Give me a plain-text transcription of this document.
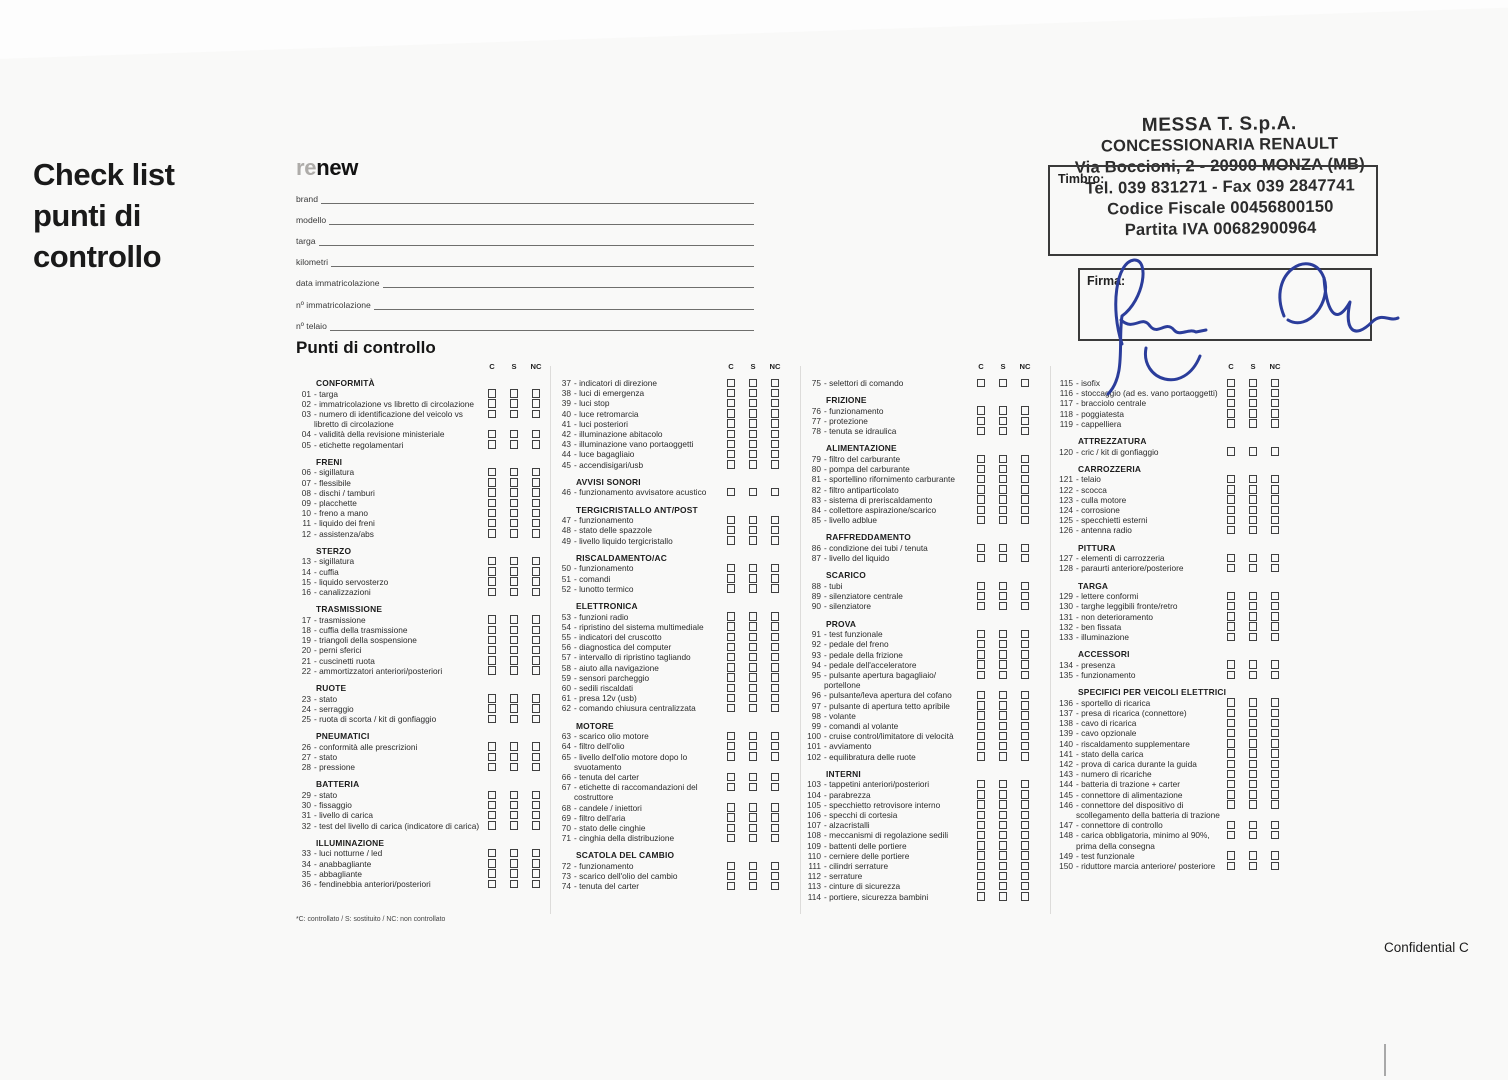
Check list
punti di
controllo
renew
brand
modello
targa
kilometri
data immatricolazione
nº immatricolazione
nº telaio
MESSA T. S.p.A.
CONCESSIONARIA RENAULT
Via Boccioni, 2 - 20900 MONZA (MB)
Tel. 039 831271 - Fax 039 2847741
Codice Fiscale 00456800150
Partita IVA 00682900964
Timbro:
Firma:
Punti di controllo
C	S	NC
CONFORMITÀ
01 - targa
02 - immatricolazione vs libretto di circolazione
03 - numero di identificazione del veicolo vs libretto di circolazione
04 - validità della revisione ministeriale
05 - etichette regolamentari
FRENI
06 - sigillatura
07 - flessibile
08 - dischi / tamburi
09 - placchette
10 - freno a mano
11 - liquido dei freni
12 - assistenza/abs
STERZO
13 - sigillatura
14 - cuffia
15 - liquido servosterzo
16 - canalizzazioni
TRASMISSIONE
17 - trasmissione
18 - cuffia della trasmissione
19 - triangoli della sospensione
20 - perni sferici
21 - cuscinetti ruota
22 - ammortizzatori anteriori/posteriori
RUOTE
23 - stato
24 - serraggio
25 - ruota di scorta / kit di gonfiaggio
PNEUMATICI
26 - conformità alle prescrizioni
27 - stato
28 - pressione
BATTERIA
29 - stato
30 - fissaggio
31 - livello di carica
32 - test del livello di carica (indicatore di carica)
ILLUMINAZIONE
33 - luci notturne / led
34 - anabbagliante
35 - abbagliante
36 - fendinebbia anteriori/posteriori
C	S	NC
37 - indicatori di direzione
38 - luci di emergenza
39 - luci stop
40 - luce retromarcia
41 - luci posteriori
42 - illuminazione abitacolo
43 - illuminazione vano portaoggetti
44 - luce bagagliaio
45 - accendisigari/usb
AVVISI SONORI
46 - funzionamento avvisatore acustico
TERGICRISTALLO ANT/POST
47 - funzionamento
48 - stato delle spazzole
49 - livello liquido tergicristallo
RISCALDAMENTO/AC
50 - funzionamento
51 - comandi
52 - lunotto termico
ELETTRONICA
53 - funzioni radio
54 - ripristino del sistema multimediale
55 - indicatori del cruscotto
56 - diagnostica del computer
57 - intervallo di ripristino tagliando
58 - aiuto alla navigazione
59 - sensori parcheggio
60 - sedili riscaldati
61 - presa 12v (usb)
62 - comando chiusura centralizzata
MOTORE
63 - scarico olio motore
64 - filtro dell'olio
65 - livello dell'olio motore dopo lo svuotamento
66 - tenuta del carter
67 - etichette di raccomandazioni del costruttore
68 - candele / iniettori
69 - filtro dell'aria
70 - stato delle cinghie
71 - cinghia della distribuzione
SCATOLA DEL CAMBIO
72 - funzionamento
73 - scarico dell'olio del cambio
74 - tenuta del carter
C	S	NC
75 - selettori di comando
FRIZIONE
76 - funzionamento
77 - protezione
78 - tenuta se idraulica
ALIMENTAZIONE
79 - filtro del carburante
80 - pompa del carburante
81 - sportellino rifornimento carburante
82 - filtro antiparticolato
83 - sistema di preriscaldamento
84 - collettore aspirazione/scarico
85 - livello adblue
RAFFREDDAMENTO
86 - condizione dei tubi / tenuta
87 - livello del liquido
SCARICO
88 - tubi
89 - silenziatore centrale
90 - silenziatore
PROVA
91 - test funzionale
92 - pedale del freno
93 - pedale della frizione
94 - pedale dell'acceleratore
95 - pulsante apertura bagagliaio/ portellone
96 - pulsante/leva apertura del cofano
97 - pulsante di apertura tetto apribile
98 - volante
99 - comandi al volante
100 - cruise control/limitatore di velocità
101 - avviamento
102 - equilibratura delle ruote
INTERNI
103 - tappetini anteriori/posteriori
104 - parabrezza
105 - specchietto retrovisore interno
106 - specchi di cortesia
107 - alzacristalli
108 - meccanismi di regolazione sedili
109 - battenti delle portiere
110 - cerniere delle portiere
111 - cilindri serrature
112 - serrature
113 - cinture di sicurezza
114 - portiere, sicurezza bambini
C	S	NC
115 - isofix
116 - stoccaggio (ad es. vano portaoggetti)
117 - bracciolo centrale
118 - poggiatesta
119 - cappelliera
ATTREZZATURA
120 - cric / kit di gonfiaggio
CARROZZERIA
121 - telaio
122 - scocca
123 - culla motore
124 - corrosione
125 - specchietti esterni
126 - antenna radio
PITTURA
127 - elementi di carrozzeria
128 - paraurti anteriore/posteriore
TARGA
129 - lettere conformi
130 - targhe leggibili fronte/retro
131 - non deterioramento
132 - ben fissata
133 - illuminazione
ACCESSORI
134 - presenza
135 - funzionamento
SPECIFICI PER VEICOLI ELETTRICI
136 - sportello di ricarica
137 - presa di ricarica (connettore)
138 - cavo di ricarica
139 - cavo opzionale
140 - riscaldamento supplementare
141 - stato della carica
142 - prova di carica durante la guida
143 - numero di ricariche
144 - batteria di trazione + carter
145 - connettore di alimentazione
146 - connettore del dispositivo di scollegamento della batteria di trazione
147 - connettore di controllo
148 - carica obbligatoria, minimo al 90%, prima della consegna
149 - test funzionale
150 - riduttore marcia anteriore/ posteriore
*C: controllato / S: sostituito / NC: non controllato
Confidential C
